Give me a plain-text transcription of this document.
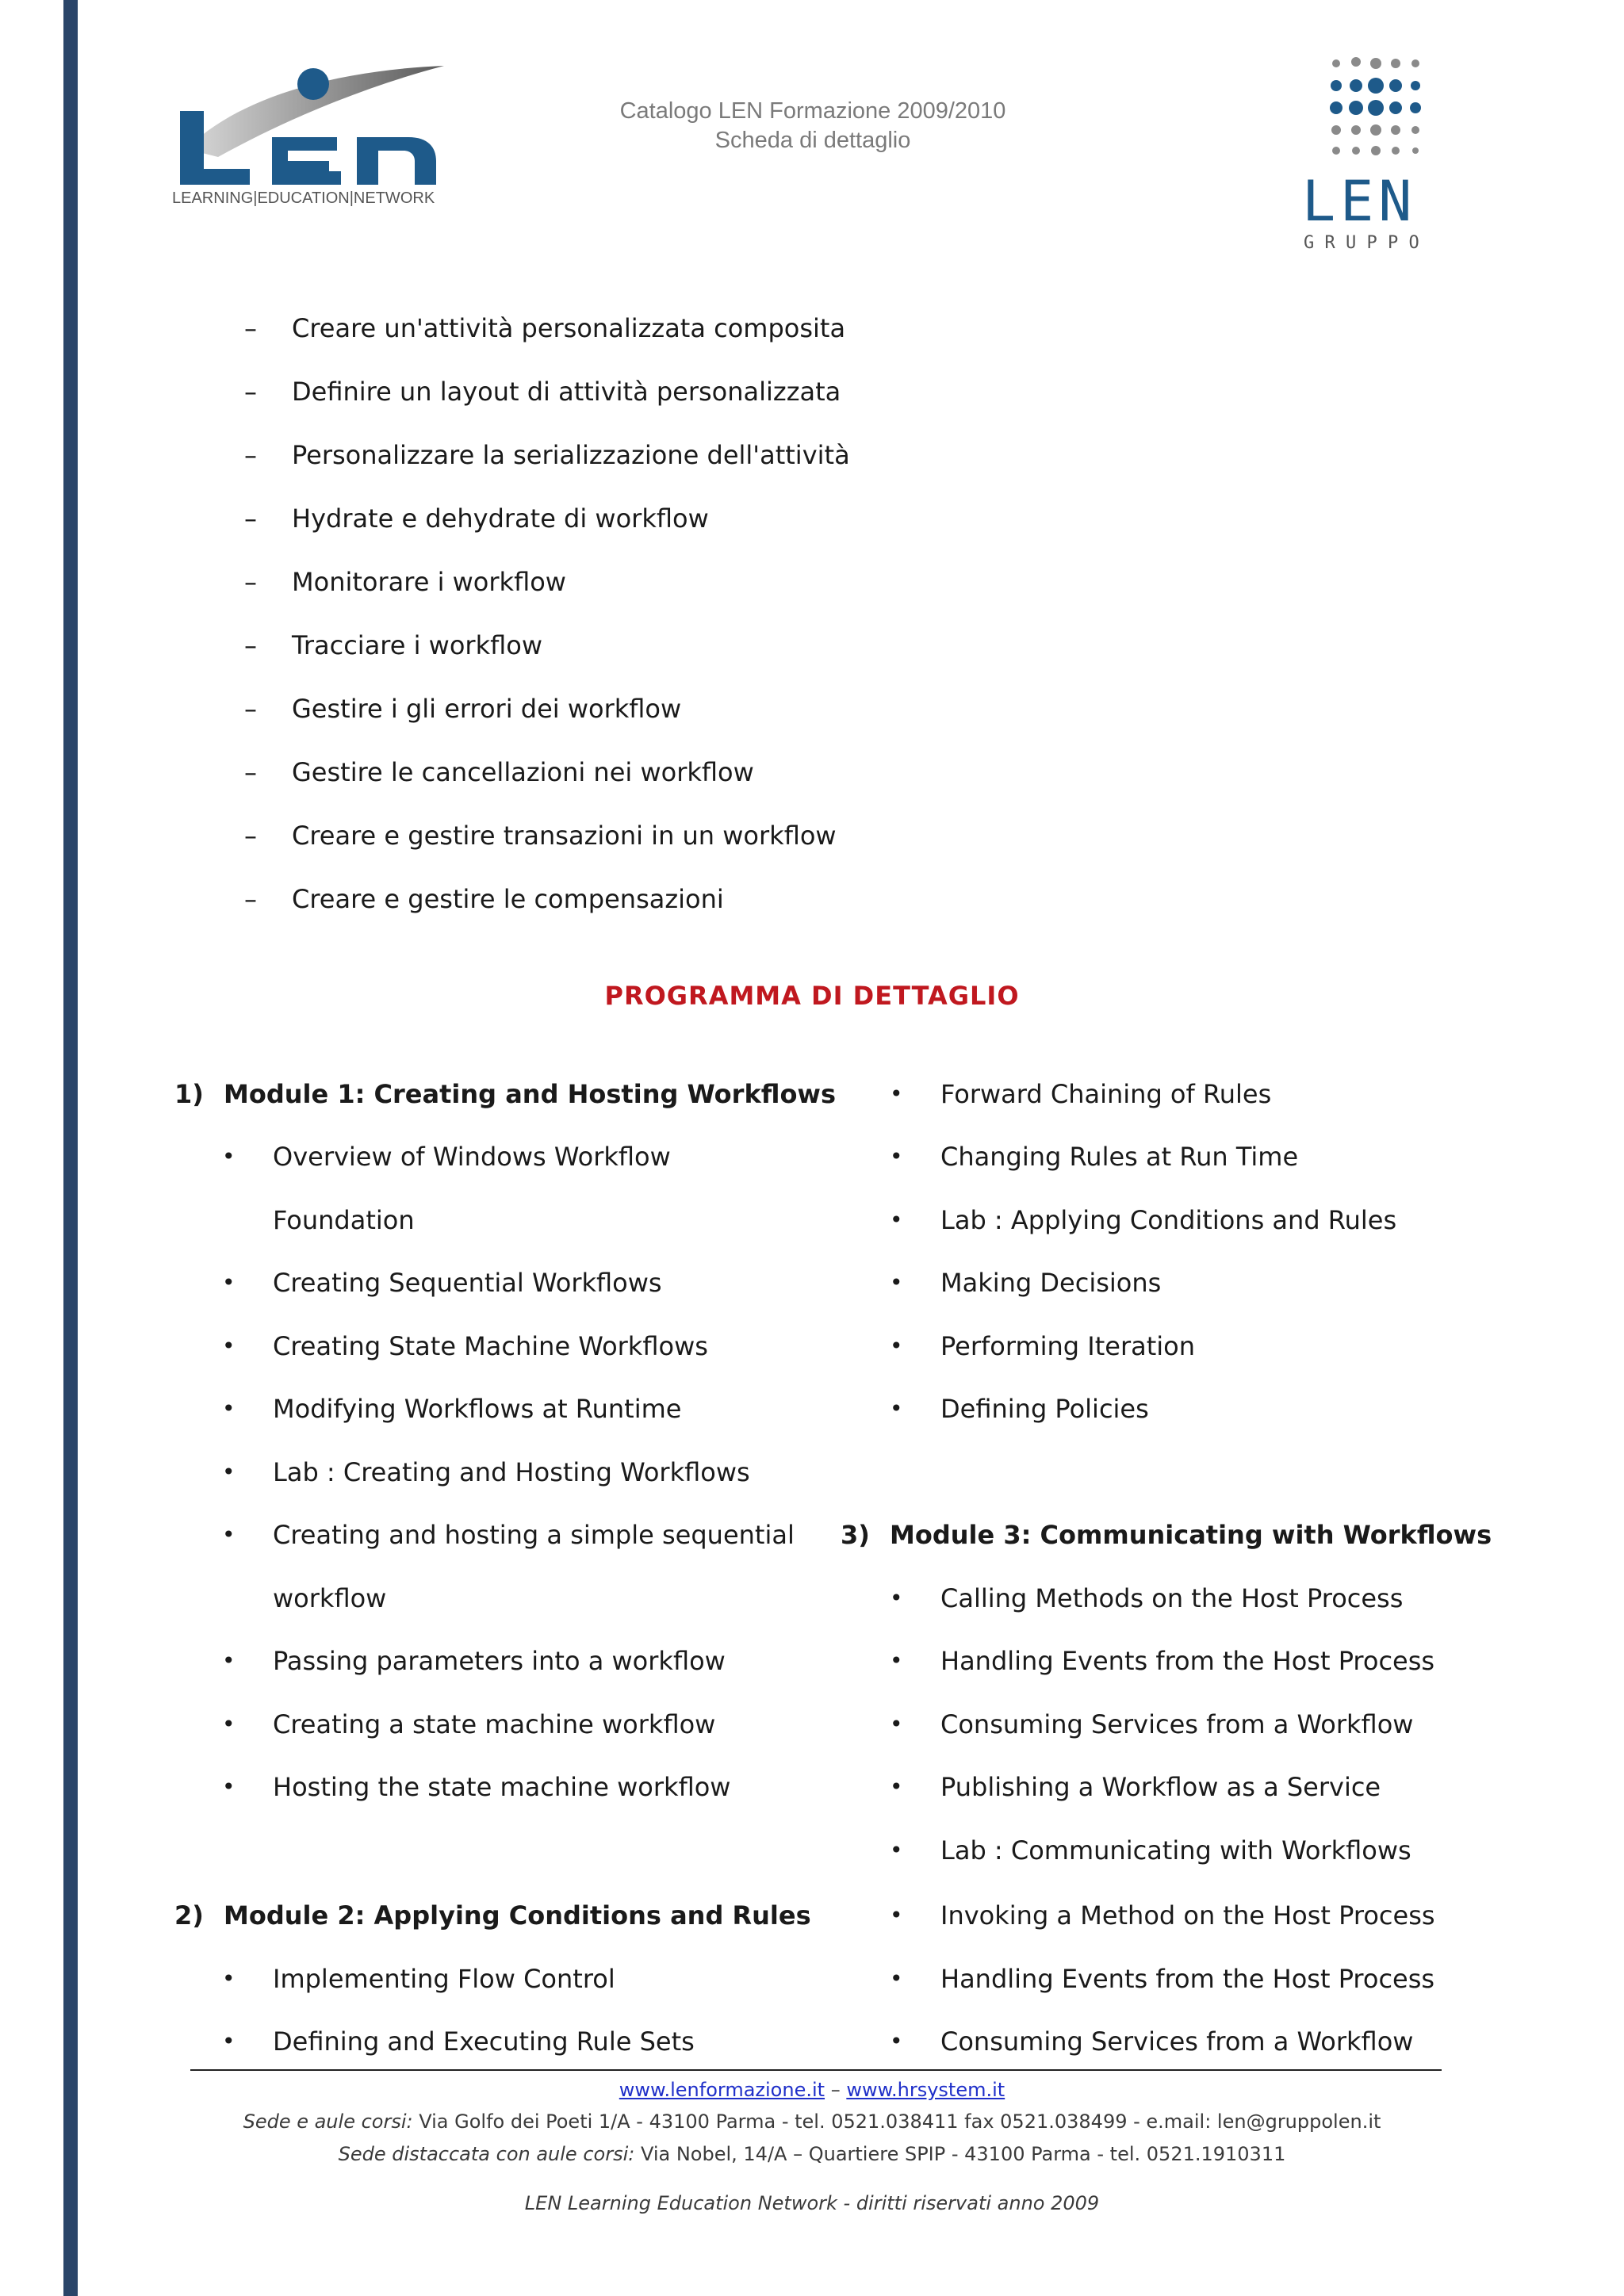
LEARNING|EDUCATION|NETWORK
Catalogo LEN Formazione 2009/2010
Scheda di dettaglio
LEN
G R U P P O
– Creare un'attività personalizzata composita
– Definire un layout di attività personalizzata
– Personalizzare la serializzazione dell'attività
– Hydrate e dehydrate di workflow
– Monitorare i workflow
– Tracciare i workflow
– Gestire i gli errori dei workflow
– Gestire le cancellazioni nei workflow
– Creare e gestire transazioni in un workflow
– Creare e gestire le compensazioni
PROGRAMMA DI DETTAGLIO
1) Module 1: Creating and Hosting Workflows
• Overview of Windows Workflow
Foundation
• Creating Sequential Workflows
• Creating State Machine Workflows
• Modifying Workflows at Runtime
• Lab : Creating and Hosting Workflows
• Creating and hosting a simple sequential
workflow
• Passing parameters into a workflow
• Creating a state machine workflow
• Hosting the state machine workflow
2) Module 2: Applying Conditions and Rules
• Implementing Flow Control
• Defining and Executing Rule Sets
• Forward Chaining of Rules
• Changing Rules at Run Time
• Lab : Applying Conditions and Rules
• Making Decisions
• Performing Iteration
• Defining Policies
3) Module 3: Communicating with Workflows
• Calling Methods on the Host Process
• Handling Events from the Host Process
• Consuming Services from a Workflow
• Publishing a Workflow as a Service
• Lab : Communicating with Workflows
• Invoking a Method on the Host Process
• Handling Events from the Host Process
• Consuming Services from a Workflow
www.lenformazione.it – www.hrsystem.it
Sede e aule corsi: Via Golfo dei Poeti 1/A - 43100 Parma - tel. 0521.038411 fax 0521.038499 - e.mail: len@gruppolen.it
Sede distaccata con aule corsi: Via Nobel, 14/A – Quartiere SPIP - 43100 Parma - tel. 0521.1910311
LEN Learning Education Network - diritti riservati anno 2009
